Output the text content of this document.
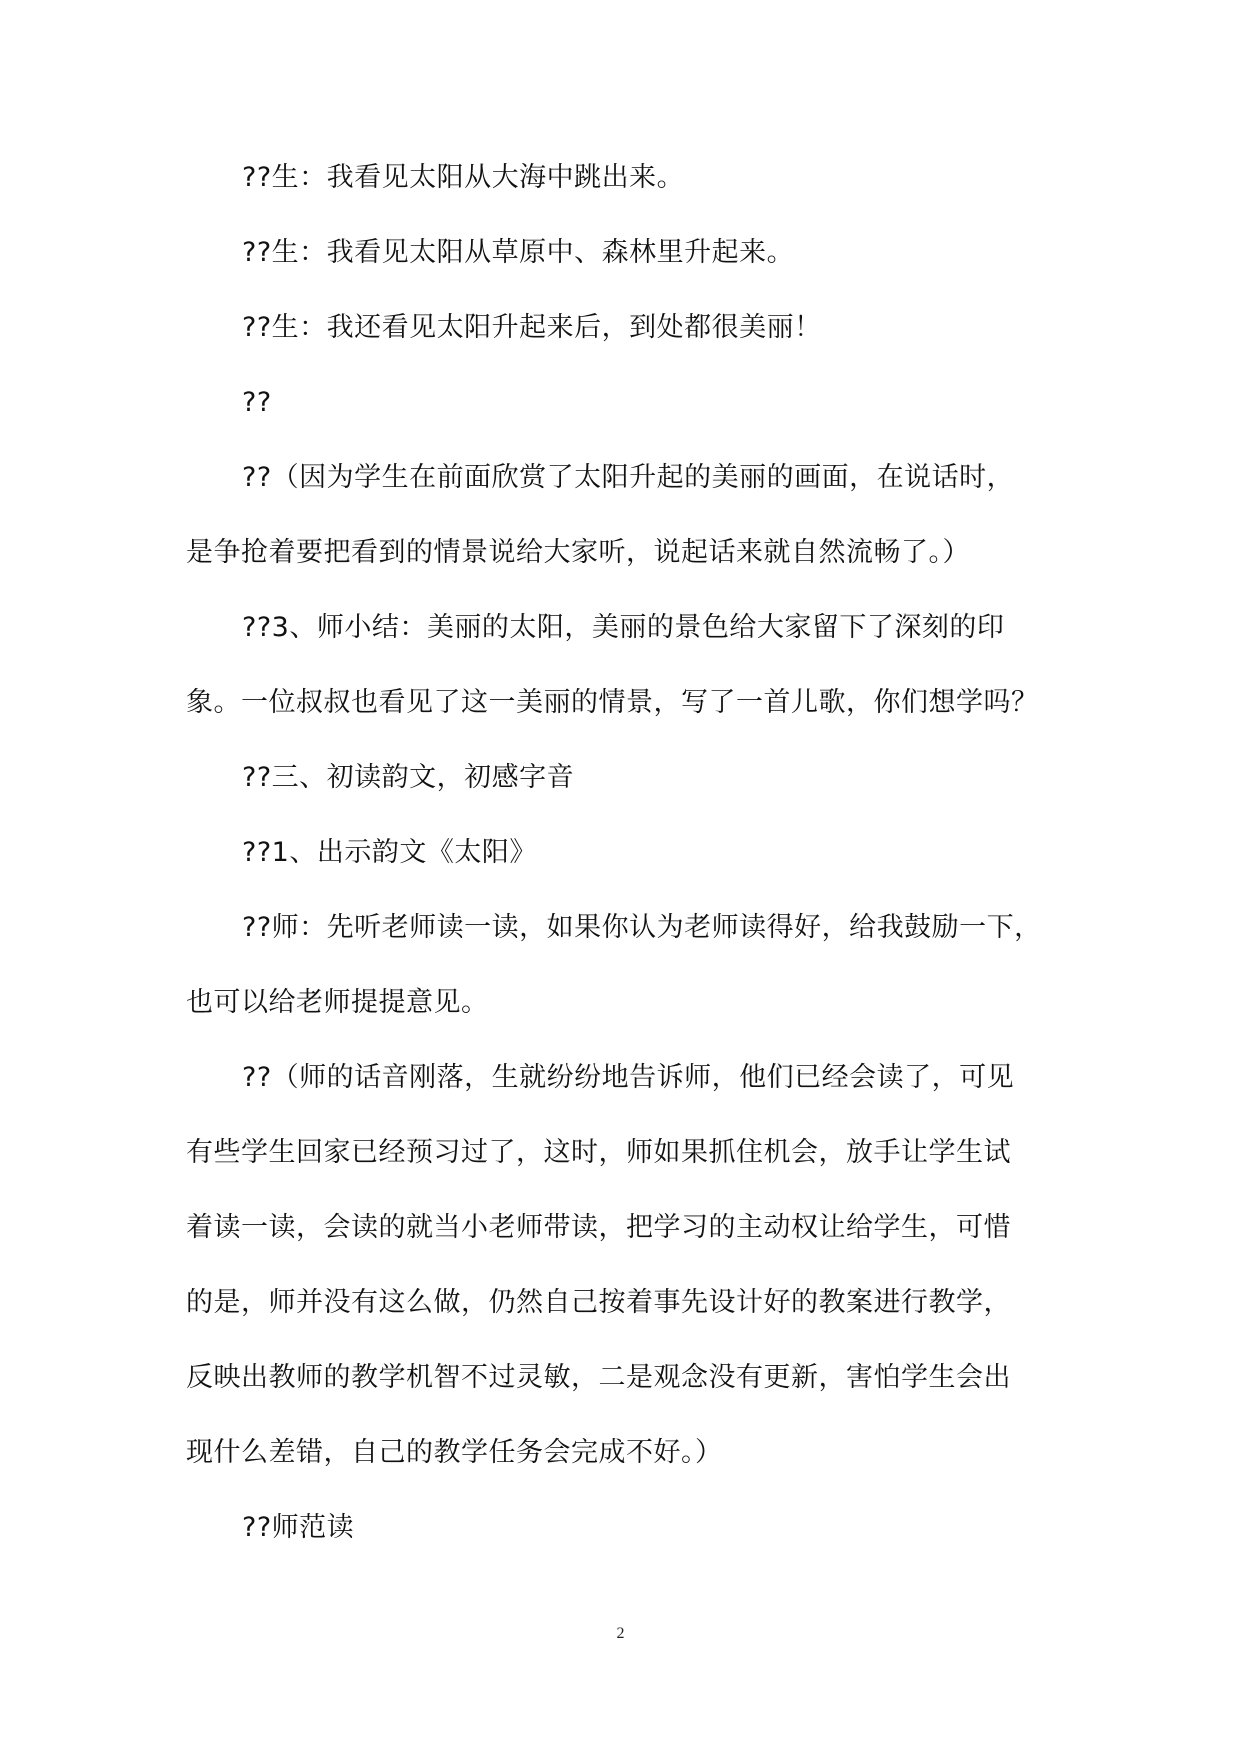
??生：我看见太阳从大海中跳出来。
??生：我看见太阳从草原中、森林里升起来。
??生：我还看见太阳升起来后，到处都很美丽！
??
??（因为学生在前面欣赏了太阳升起的美丽的画面，在说话时，
是争抢着要把看到的情景说给大家听，说起话来就自然流畅了。）
??3、师小结：美丽的太阳，美丽的景色给大家留下了深刻的印
象。一位叔叔也看见了这一美丽的情景，写了一首儿歌，你们想学吗？
??三、初读韵文，初感字音
??1、出示韵文《太阳》
??师：先听老师读一读，如果你认为老师读得好，给我鼓励一下，
也可以给老师提提意见。
??（师的话音刚落，生就纷纷地告诉师，他们已经会读了，可见
有些学生回家已经预习过了，这时，师如果抓住机会，放手让学生试
着读一读，会读的就当小老师带读，把学习的主动权让给学生，可惜
的是，师并没有这么做，仍然自己按着事先设计好的教案进行教学，
反映出教师的教学机智不过灵敏，二是观念没有更新，害怕学生会出
现什么差错，自己的教学任务会完成不好。）
??师范读
2
